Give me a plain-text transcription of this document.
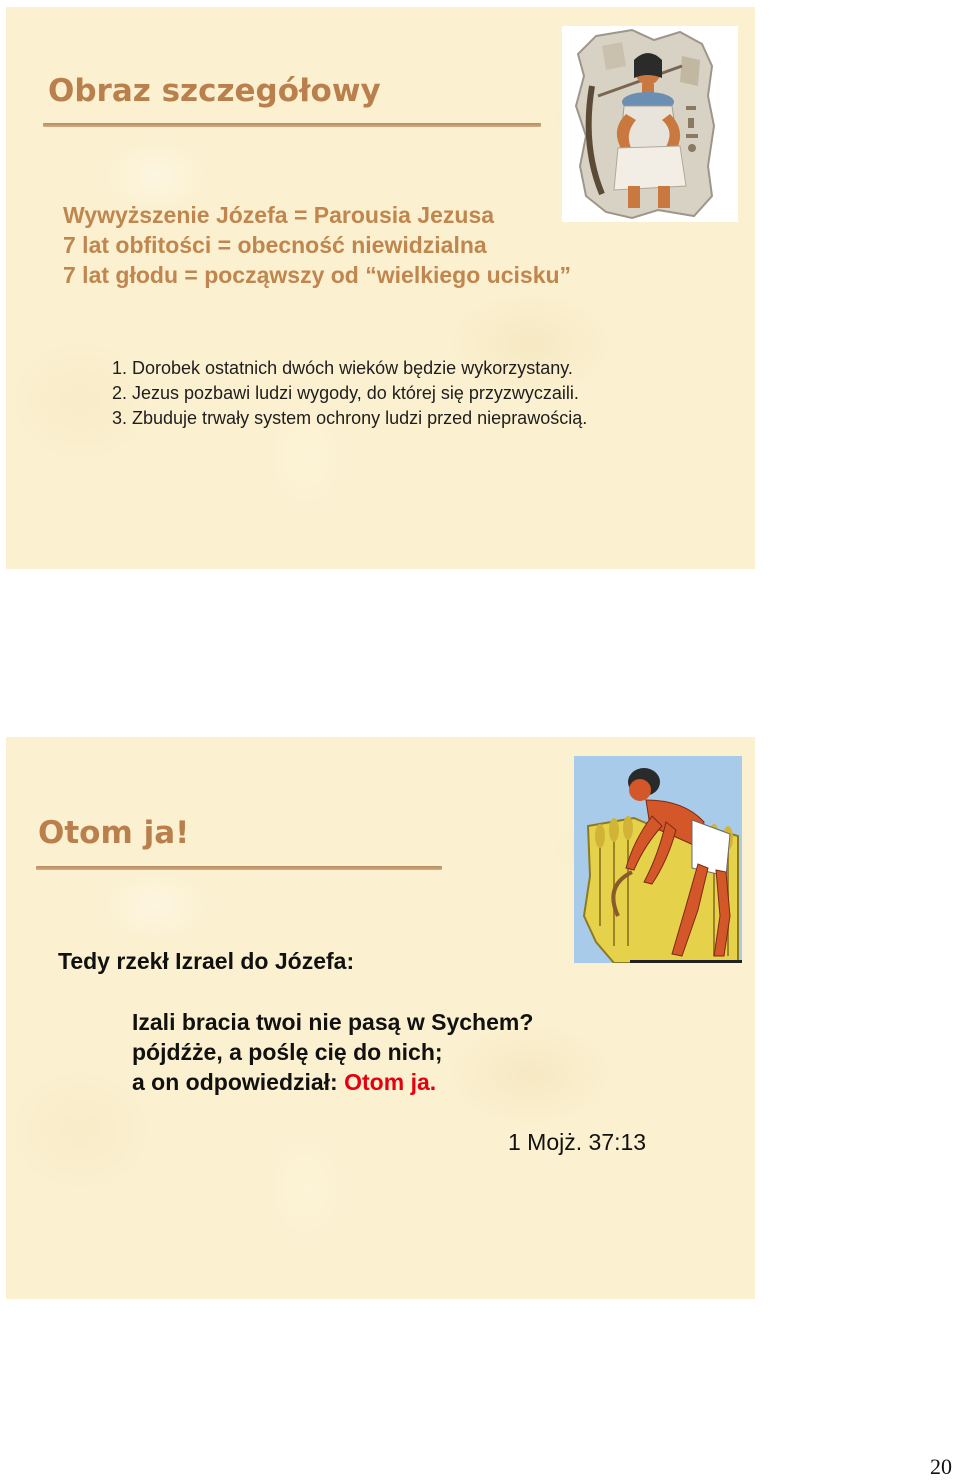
Obraz szczegółowy
Wywyższenie Józefa = Parousia Jezusa
7 lat obfitości = obecność niewidzialna
7 lat głodu = począwszy od “wielkiego ucisku”
1. Dorobek ostatnich dwóch wieków będzie wykorzystany.
2. Jezus pozbawi ludzi wygody, do której się przyzwyczaili.
3. Zbuduje trwały system ochrony ludzi przed nieprawością.
Otom ja!

Tedy rzekł Izrael do Józefa:

Izali bracia twoi nie pasą w Sychem?
pójdźże, a poślę cię do nich;
a on odpowiedział: Otom ja.
1 Mojż. 37:13
20
